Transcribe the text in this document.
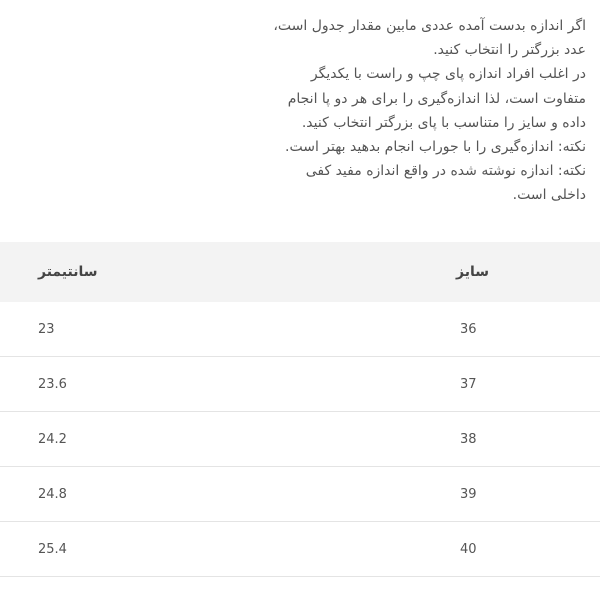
اگر اندازه بدست آمده عددی مابین مقدار جدول است،
عدد بزرگتر را انتخاب کنید.
در اغلب افراد اندازه پای چپ و راست با یکدیگر
متفاوت است، لذا اندازه‌گیری را برای هر دو پا انجام
داده و سایز را متناسب با پای بزرگتر انتخاب کنید.
نکته: اندازه‌گیری را با جوراب انجام بدهید بهتر است.
نکته: اندازه نوشته شده در واقع اندازه مفید کفی
داخلی است.
سانتیمتر	سایز
23	36
23.6	37
24.2	38
24.8	39
25.4	40
